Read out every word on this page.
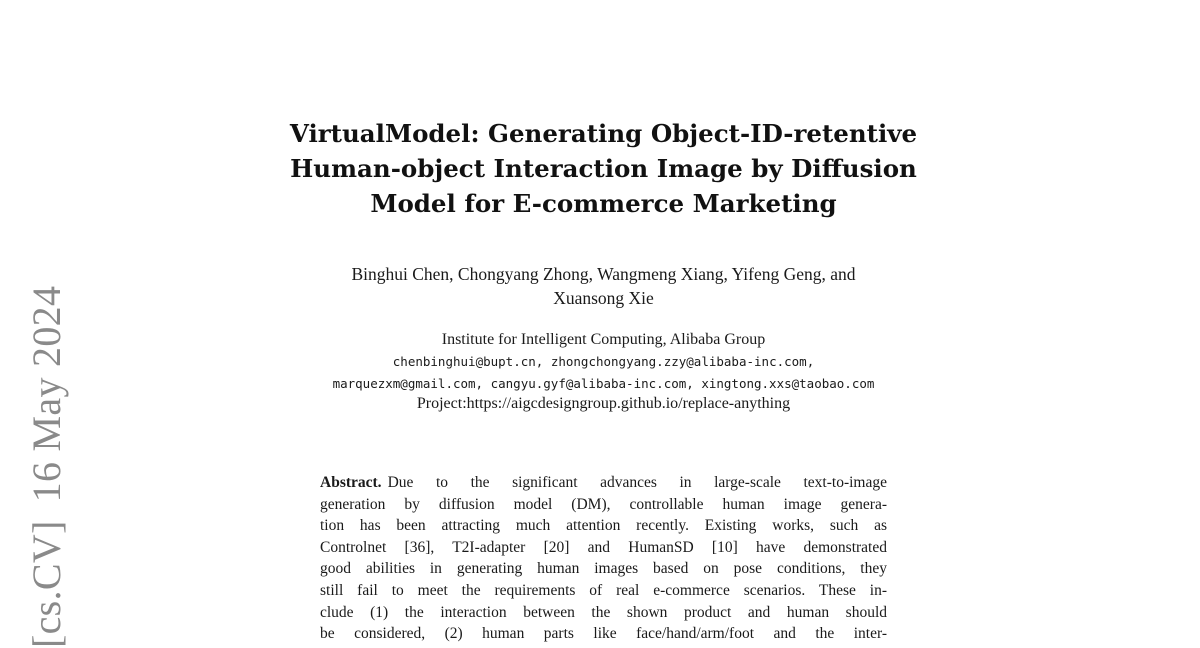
[cs.CV]16 May 2024
VirtualModel: Generating Object-ID-retentive
Human-object Interaction Image by Diffusion
Model for E-commerce Marketing
Binghui Chen, Chongyang Zhong, Wangmeng Xiang, Yifeng Geng, and
Xuansong Xie
Institute for Intelligent Computing, Alibaba Group
chenbinghui@bupt.cn, zhongchongyang.zzy@alibaba-inc.com,
marquezxm@gmail.com, cangyu.gyf@alibaba-inc.com, xingtong.xxs@taobao.com
Project:https://aigcdesigngroup.github.io/replace-anything
Abstract. Due to the significant advances in large-scale text-to-image
generation by diffusion model (DM), controllable human image genera-
tion has been attracting much attention recently. Existing works, such as
Controlnet [36], T2I-adapter [20] and HumanSD [10] have demonstrated
good abilities in generating human images based on pose conditions, they
still fail to meet the requirements of real e-commerce scenarios. These in-
clude (1) the interaction between the shown product and human should
be considered, (2) human parts like face/hand/arm/foot and the inter-
